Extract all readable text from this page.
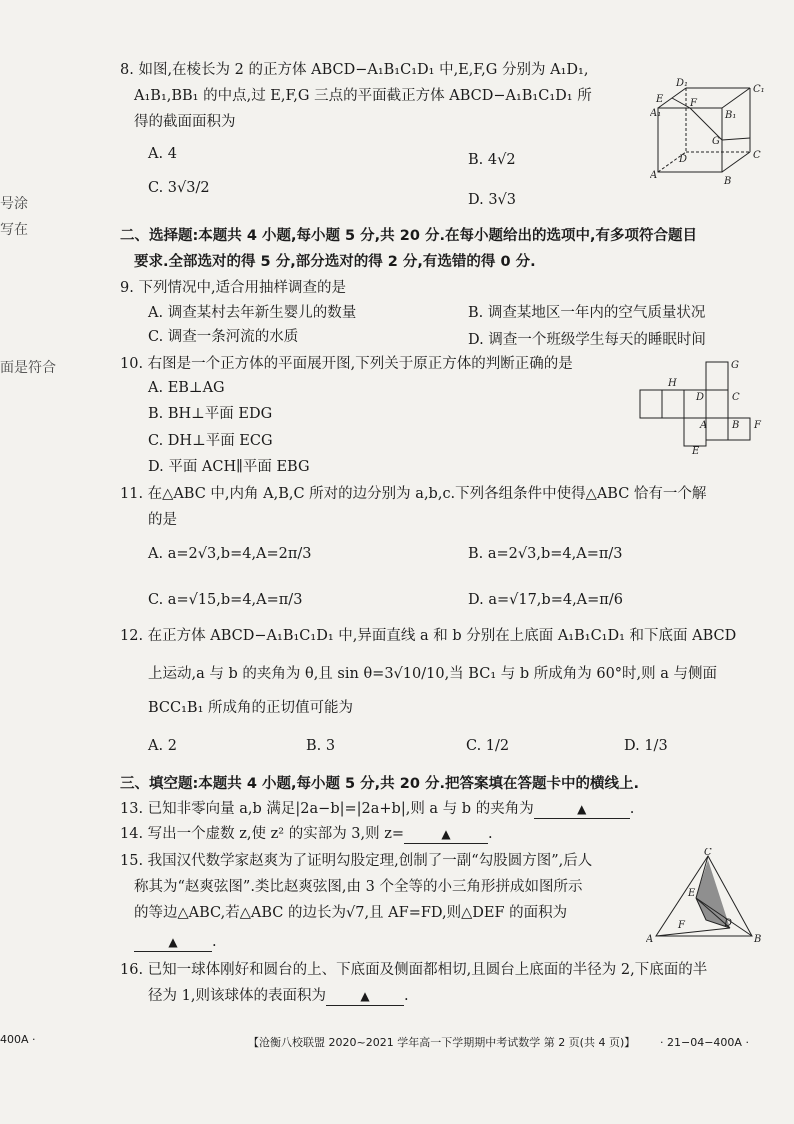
号涂
写在
面是符合
400A ·
8. 如图,在棱长为 2 的正方体 ABCD−A₁B₁C₁D₁ 中,E,F,G 分别为 A₁D₁,
A₁B₁,BB₁ 的中点,过 E,F,G 三点的平面截正方体 ABCD−A₁B₁C₁D₁ 所
得的截面面积为
A. 4	B. 4√2
C. 3√3/2
D. 3√3
D₁
C₁
E	F
A₁	B₁
G
D	C
A
B
二、选择题:本题共 4 小题,每小题 5 分,共 20 分.在每小题给出的选项中,有多项符合题目
要求.全部选对的得 5 分,部分选对的得 2 分,有选错的得 0 分.
9. 下列情况中,适合用抽样调查的是
A. 调查某村去年新生婴儿的数量	B. 调查某地区一年内的空气质量状况
C. 调查一条河流的水质	D. 调查一个班级学生每天的睡眠时间
10. 右图是一个正方体的平面展开图,下列关于原正方体的判断正确的是
A. EB⊥AG
B. BH⊥平面 EDG
C. DH⊥平面 ECG
D. 平面 ACH∥平面 EBG
G
H
D	C
A B F
E
11. 在△ABC 中,内角 A,B,C 所对的边分别为 a,b,c.下列各组条件中使得△ABC 恰有一个解
的是
A. a=2√3,b=4,A=2π/3	B. a=2√3,b=4,A=π/3
C. a=√15,b=4,A=π/3	D. a=√17,b=4,A=π/6
12. 在正方体 ABCD−A₁B₁C₁D₁ 中,异面直线 a 和 b 分别在上底面 A₁B₁C₁D₁ 和下底面 ABCD
上运动,a 与 b 的夹角为 θ,且 sin θ=3√10/10,当 BC₁ 与 b 所成角为 60°时,则 a 与侧面
BCC₁B₁ 所成角的正切值可能为
A. 2	B. 3	C. 1/2	D. 1/3
三、填空题:本题共 4 小题,每小题 5 分,共 20 分.把答案填在答题卡中的横线上.
13. 已知非零向量 a,b 满足|2a−b|=|2a+b|,则 a 与 b 的夹角为	▲	.
14. 写出一个虚数 z,使 z² 的实部为 3,则 z=	▲	.
15. 我国汉代数学家赵爽为了证明勾股定理,创制了一副“勾股圆方图”,后人
称其为“赵爽弦图”.类比赵爽弦图,由 3 个全等的小三角形拼成如图所示
的等边△ABC,若△ABC 的边长为√7,且 AF=FD,则△DEF 的面积为
▲ .
C
E
F	D
A	B
16. 已知一球体刚好和圆台的上、下底面及侧面都相切,且圆台上底面的半径为 2,下底面的半
径为 1,则该球体的表面积为	▲ .
【沧衡八校联盟 2020~2021 学年高一下学期期中考试数学 第 2 页(共 4 页)】 · 21−04−400A ·
